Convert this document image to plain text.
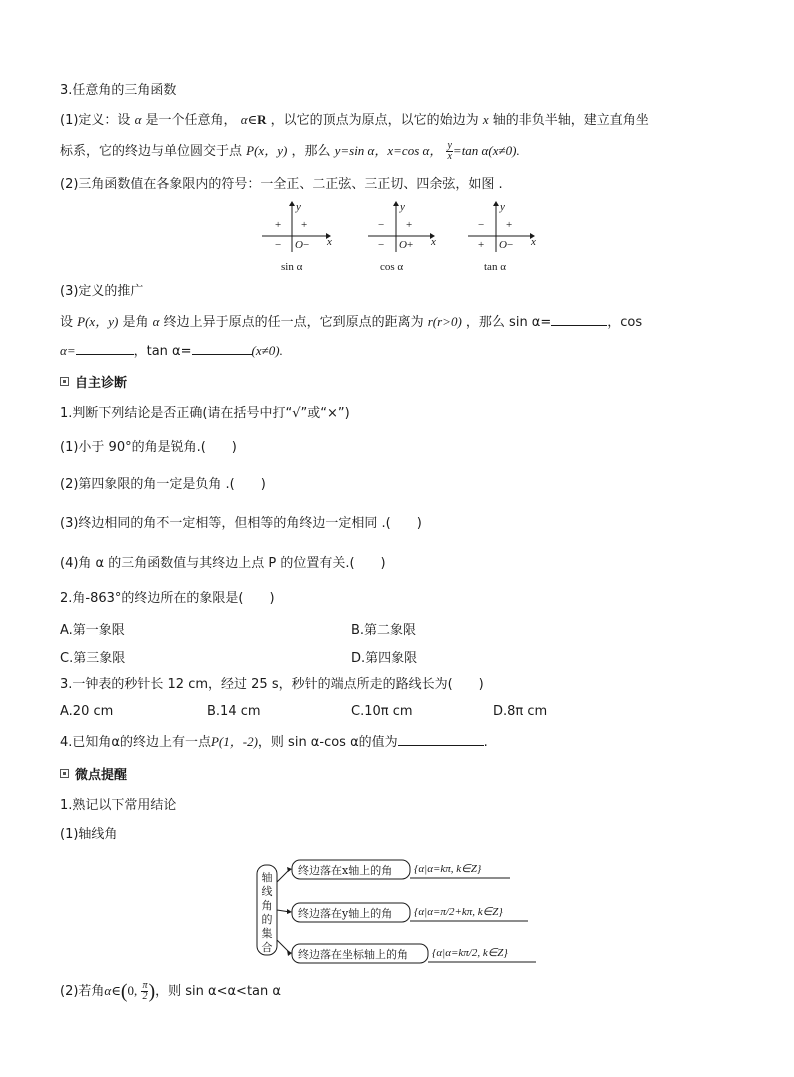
3.任意角的三角函数
(1)定义：设 α 是一个任意角， α∈R ，以它的顶点为原点，以它的始边为 x 轴的非负半轴，建立直角坐
标系，它的终边与单位圆交于点 P(x，y) ，那么 y=sin α，x=cos α， $\frac{y}{x} =\tan$ α(x≠0).
(2)三角函数值在各象限内的符号：一全正、二正弦、三正切、四余弦，如图 .
y
x
O
+ +
− −
y
x
O
− +
− +
y
x
O
− +
+ −
sin α	cos α	tan α
(3)定义的推广
设 P(x，y) 是角 α 终边上异于原点的任一点，它到原点的距离为 r(r>0) ，那么 sin α=	，cos
α=	，tan α=	(x≠0).
自主诊断
1.判断下列结论是否正确(请在括号中打“√”或“×”)
(1)小于 90°的角是锐角.(　　)
(2)第四象限的角一定是负角 .(　　)
(3)终边相同的角不一定相等，但相等的角终边一定相同 .(　　)
(4)角 α 的三角函数值与其终边上点 P 的位置有关.(　　)
2.角-863°的终边所在的象限是(　　)
A.第一象限	B.第二象限
C.第三象限	D.第四象限
3.一钟表的秒针长 12 cm，经过 25 s，秒针的端点所走的路线长为(　　)
A.20 cm	B.14 cm	C.10π cm	D.8π cm
4.已知角α的终边上有一点P(1，-2)，则 sin α-cos α的值为	.
微点提醒
1.熟记以下常用结论
(1)轴线角
轴
线
角
的
集
合
终边落在x轴上的角
终边落在y轴上的角
终边落在坐标轴上的角
{α|α=kπ, k∈Z}
{α|α=π/2+kπ, k∈Z}
{α|α=kπ/2, k∈Z}
(2)若角α∈(0, $\frac{\pi}{2}$ )，则 sin α<α<tan α
